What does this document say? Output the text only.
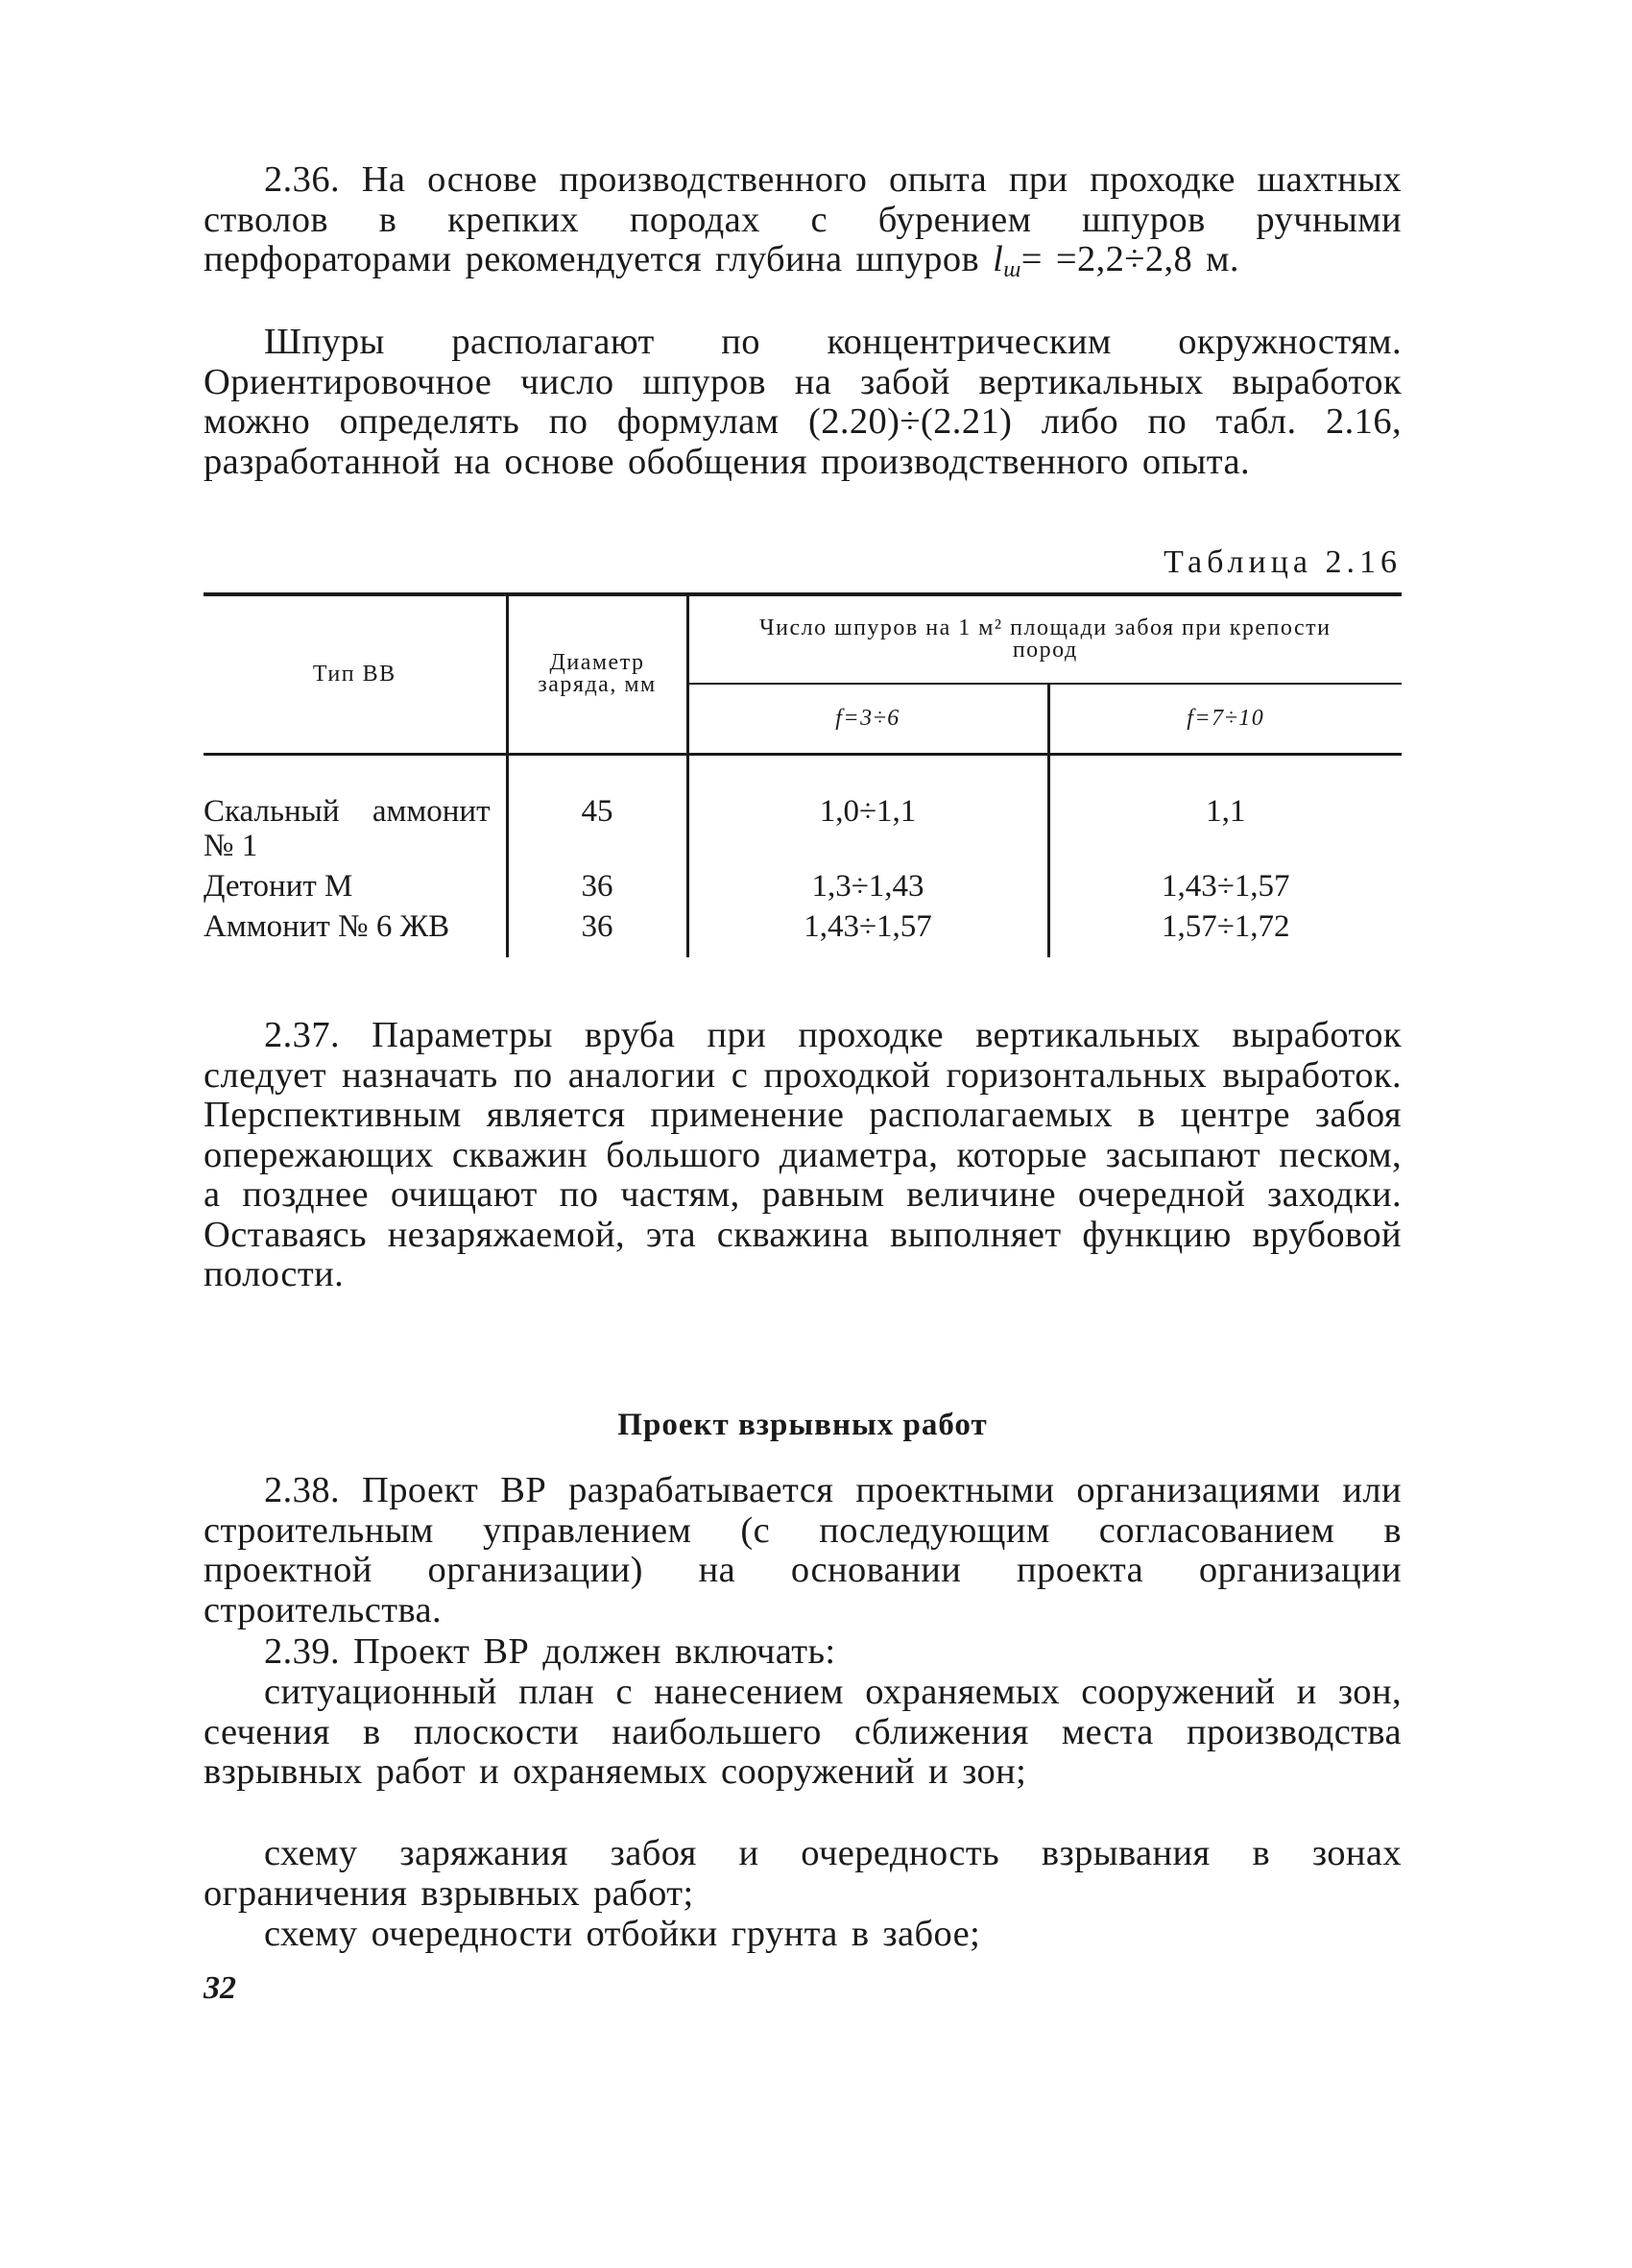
2.36. На основе производственного опыта при проходке шахтных стволов в крепких породах с бурением шпуров ручными перфораторами рекомендуется глубина шпуров $l_ш= =2,2\div 2,8$ м.

Шпуры располагают по концентрическим окружностям. Ориентировочное число шпуров на забой вертикальных выработок можно определять по формулам (2.20)÷(2.21) либо по табл. 2.16, разработанной на основе обобщения производственного опыта.

Таблица 2.16
Тип ВВ	Диаметр заряда, мм	Число шпуров на 1 м² площади забоя при крепости пород	
		f=3÷6	f=7÷10
Скальный аммонит № 1	45	1,0÷1,1	1,1
Детонит М	36	1,3÷1,43	1,43÷1,57
Аммонит № 6 ЖВ	36	1,43÷1,57	1,57÷1,72

2.37. Параметры вруба при проходке вертикальных выработок следует назначать по аналогии с проходкой горизонтальных выработок. Перспективным является применение располагаемых в центре забоя опережающих скважин большого диаметра, которые засыпают песком, а позднее очищают по частям, равным величине очередной заходки. Оставаясь незаряжаемой, эта скважина выполняет функцию врубовой полости.

Проект взрывных работ

2.38. Проект ВР разрабатывается проектными организациями или строительным управлением (с последующим согласованием в проектной организации) на основании проекта организации строительства.

2.39. Проект ВР должен включать:

ситуационный план с нанесением охраняемых сооружений и зон, сечения в плоскости наибольшего сближения места производства взрывных работ и охраняемых сооружений и зон;

схему заряжания забоя и очередность взрывания в зонах ограничения взрывных работ;

схему очередности отбойки грунта в забое;

32
